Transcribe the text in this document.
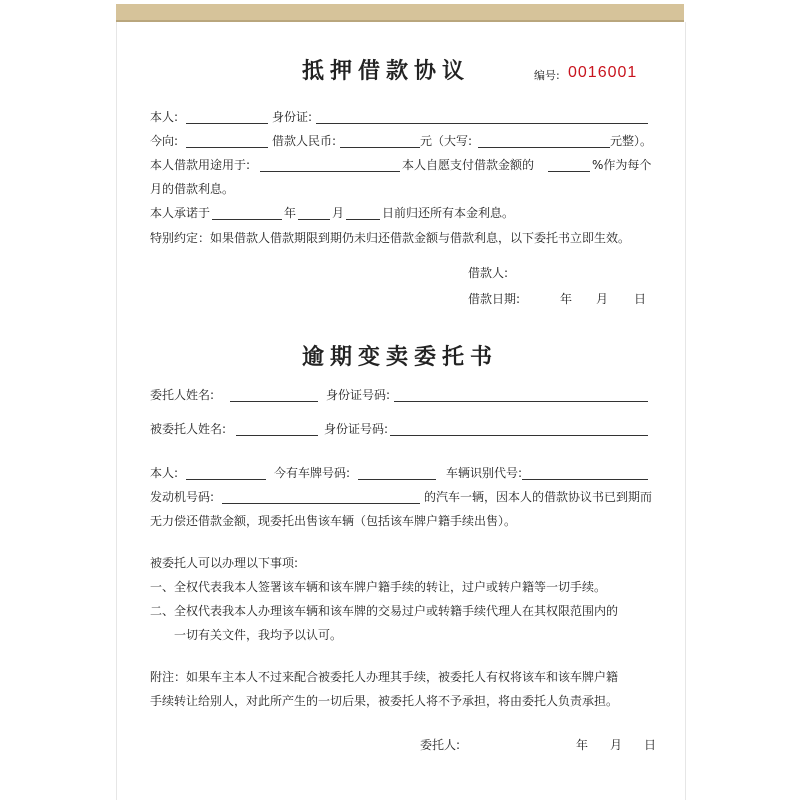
抵押借款协议	编号: 0016001
本人:	身份证:
今向:	借款人民币:	元（大写:	元整）。
本人借款用途用于:	本人自愿支付借款金额的	%作为每个
月的借款利息。
本人承诺于	年	月	日前归还所有本金利息。
特别约定：如果借款人借款期限到期仍未归还借款金额与借款利息，以下委托书立即生效。
借款人:
借款日期:	年 月 日
逾期变卖委托书
委托人姓名:	身份证号码:
被委托人姓名:	身份证号码:
本人:	今有车牌号码:	车辆识别代号:
发动机号码:	的汽车一辆，因本人的借款协议书已到期而
无力偿还借款金额，现委托出售该车辆（包括该车牌户籍手续出售）。
被委托人可以办理以下事项:
一、全权代表我本人签署该车辆和该车牌户籍手续的转让，过户或转户籍等一切手续。
二、全权代表我本人办理该车辆和该车牌的交易过户或转籍手续代理人在其权限范围内的
一切有关文件，我均予以认可。
附注：如果车主本人不过来配合被委托人办理其手续，被委托人有权将该车和该车牌户籍
手续转让给别人，对此所产生的一切后果，被委托人将不予承担，将由委托人负责承担。
委托人:	年 月 日
